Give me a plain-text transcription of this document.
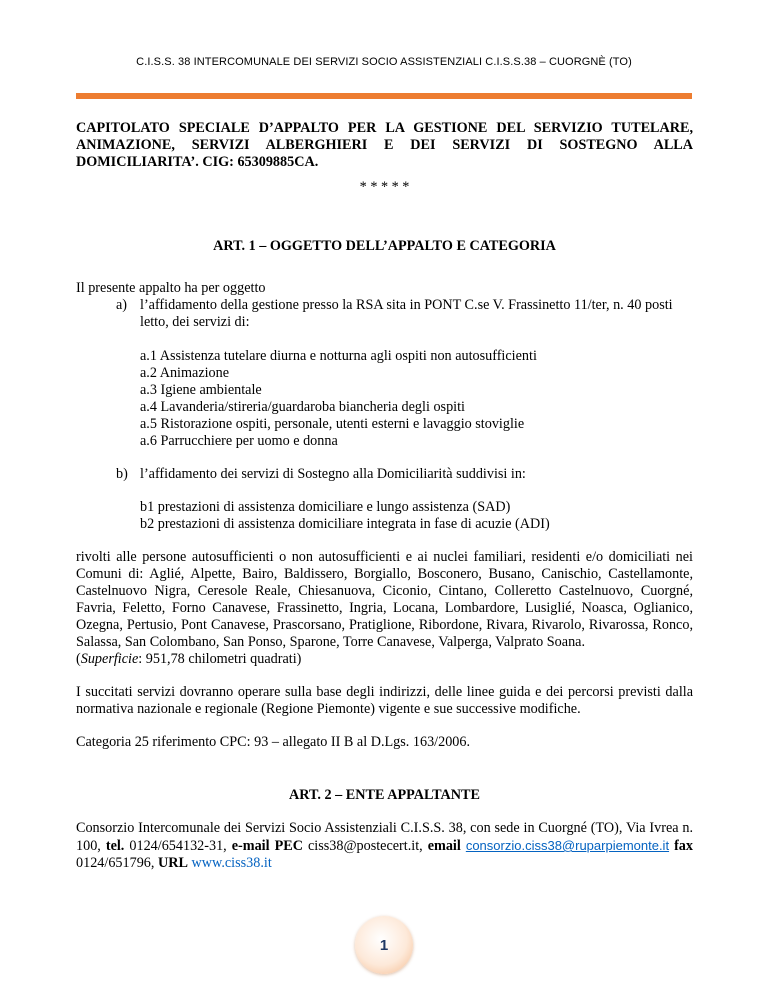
C.I.S.S. 38 INTERCOMUNALE DEI SERVIZI SOCIO ASSISTENZIALI C.I.S.S.38 – CUORGNÈ (TO)

CAPITOLATO SPECIALE D’APPALTO PER LA GESTIONE DEL SERVIZIO TUTELARE, ANIMAZIONE, SERVIZI ALBERGHIERI E DEI SERVIZI DI SOSTEGNO ALLA DOMICILIARITA’. CIG: 65309885CA.

* * * * *

ART. 1 – OGGETTO DELL’APPALTO E CATEGORIA

Il presente appalto ha per oggetto

a) l’affidamento della gestione presso la RSA sita in PONT C.se V. Frassinetto 11/ter, n. 40 posti letto, dei servizi di:

a.1 Assistenza tutelare diurna e notturna agli ospiti non autosufficienti

a.2 Animazione

a.3 Igiene ambientale

a.4 Lavanderia/stireria/guardaroba biancheria degli ospiti

a.5 Ristorazione ospiti, personale, utenti esterni e lavaggio stoviglie

a.6 Parrucchiere per uomo e donna

b) l’affidamento dei servizi di Sostegno alla Domiciliarità suddivisi in:

b1 prestazioni di assistenza domiciliare e lungo assistenza (SAD)

b2 prestazioni di assistenza domiciliare integrata in fase di acuzie (ADI)

rivolti alle persone autosufficienti o non autosufficienti e ai nuclei familiari, residenti e/o domiciliati nei Comuni di: Aglié, Alpette, Bairo, Baldissero, Borgiallo, Bosconero, Busano, Canischio, Castellamonte, Castelnuovo Nigra, Ceresole Reale, Chiesanuova, Ciconio, Cintano, Colleretto Castelnuovo, Cuorgné, Favria, Feletto, Forno Canavese, Frassinetto, Ingria, Locana, Lombardore, Lusiglié, Noasca, Oglianico, Ozegna, Pertusio, Pont Canavese, Prascorsano, Pratiglione, Ribordone, Rivara, Rivarolo, Rivarossa, Ronco, Salassa, San Colombano, San Ponso, Sparone, Torre Canavese, Valperga, Valprato Soana.

(Superficie: 951,78 chilometri quadrati)

I succitati servizi dovranno operare sulla base degli indirizzi, delle linee guida e dei percorsi previsti dalla normativa nazionale e regionale (Regione Piemonte) vigente e sue successive modifiche.

Categoria 25 riferimento CPC: 93 – allegato II B al D.Lgs. 163/2006.

ART. 2 – ENTE APPALTANTE

Consorzio Intercomunale dei Servizi Socio Assistenziali C.I.S.S. 38, con sede in Cuorgné (TO), Via Ivrea n. 100, tel. 0124/654132-31, e-mail PEC ciss38@postecert.it, email consorzio.ciss38@ruparpiemonte.it fax 0124/651796, URL www.ciss38.it

1
